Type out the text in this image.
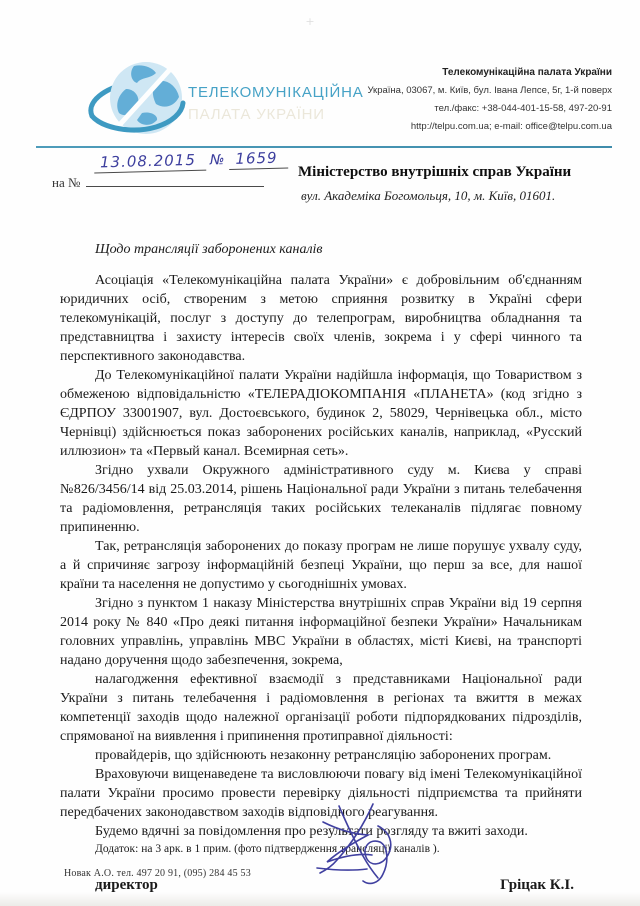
+
ТЕЛЕКОМУНІКАЦІЙНА
ПАЛАТА УКРАЇНИ
Телекомунікаційна палата України
Україна, 03067, м. Київ, бул. Івана Лепсе, 5г, 1-й поверх
тел./факс: +38-044-401-15-58, 497-20-91
http://telpu.com.ua; e-mail: office@telpu.com.ua
13.08.2015 № 1659
на №
Міністерство внутрішніх справ України
вул. Академіка Богомольця, 10, м. Київ, 01601.
Щодо трансляції заборонених каналів

Асоціація «Телекомунікаційна палата України» є добровільним об'єднанням юридичних осіб, створеним з метою сприяння розвитку в Україні сфери телекомунікацій, послуг з доступу до телепрограм, виробництва обладнання та представництва і захисту інтересів своїх членів, зокрема і у сфері чинного та перспективного законодавства.

До Телекомунікаційної палати України надійшла інформація, що Товариством з обмеженою відповідальністю «ТЕЛЕРАДІОКОМПАНІЯ «ПЛАНЕТА» (код згідно з ЄДРПОУ 33001907, вул. Достоєвського, будинок 2, 58029, Чернівецька обл., місто Чернівці) здійснюється показ заборонених російських каналів, наприклад, «Русский иллюзион» та «Первый канал. Всемирная сеть».

Згідно ухвали Окружного адміністративного суду м. Києва у справі №826/3456/14 від 25.03.2014, рішень Національної ради України з питань телебачення та радіомовлення, ретрансляція таких російських телеканалів підлягає повному припиненню.

Так, ретрансляція заборонених до показу програм не лише порушує ухвалу суду, а й спричиняє загрозу інформаційній безпеці України, що перш за все, для нашої країни та населення не допустимо у сьогоднішніх умовах.

Згідно з пунктом 1 наказу Міністерства внутрішніх справ України від 19 серпня 2014 року № 840 «Про деякі питання інформаційної безпеки України» Начальникам головних управлінь, управлінь МВС України в областях, місті Києві, на транспорті надано доручення щодо забезпечення, зокрема,

налагодження ефективної взаємодії з представниками Національної ради України з питань телебачення і радіомовлення в регіонах та вжиття в межах компетенції заходів щодо належної організації роботи підпорядкованих підрозділів, спрямованої на виявлення і припинення протиправної діяльності:

провайдерів, що здійснюють незаконну ретрансляцію заборонених програм.

Враховуючи вищенаведене та висловлюючи повагу від імені Телекомунікаційної палати України просимо провести перевірку діяльності підприємства та прийняти передбачених законодавством заходів відповідного реагування.

Будемо вдячні за повідомлення про результати розгляду та вжиті заходи.

Додаток: на 3 арк. в 1 прим. (фото підтвердження трансляції каналів ).

директор	Гріцак К.І.
Новак А.О. тел. 497 20 91, (095) 284 45 53
